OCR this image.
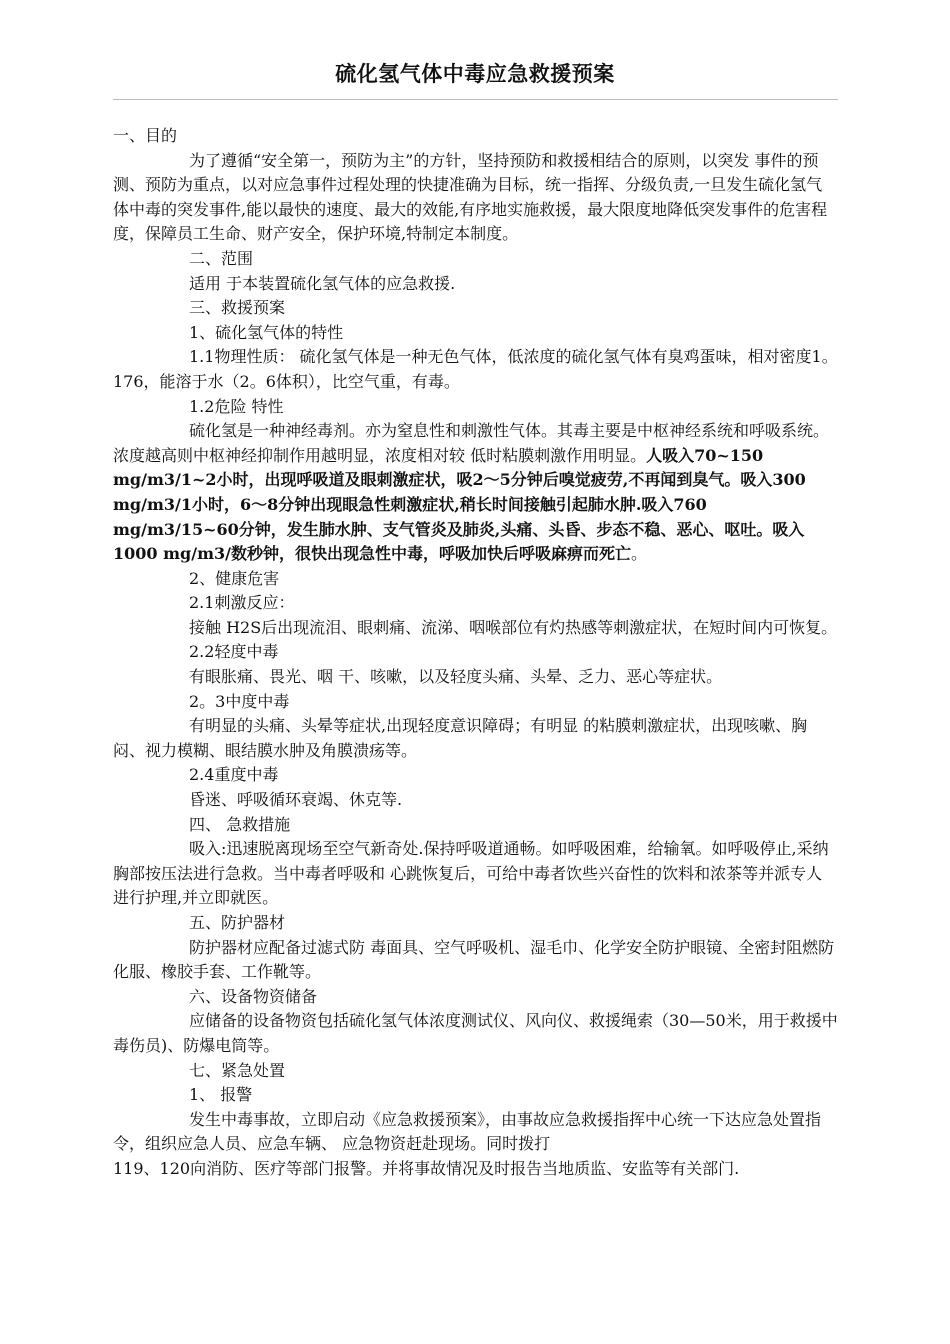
硫化氢气体中毒应急救援预案

一、目的

为了遵循“安全第一，预防为主”的方针，坚持预防和救援相结合的原则，以突发 事件的预测、预防为重点，以对应急事件过程处理的快捷准确为目标，统一指挥、分级负责,一旦发生硫化氢气体中毒的突发事件,能以最快的速度、最大的效能,有序地实施救援，最大限度地降低突发事件的危害程度，保障员工生命、财产安全，保护环境,特制定本制度。

二、范围

适用 于本装置硫化氢气体的应急救援.

三、救援预案

1、硫化氢气体的特性

1.1物理性质： 硫化氢气体是一种无色气体，低浓度的硫化氢气体有臭鸡蛋味，相对密度1。176，能溶于水（2。6体积），比空气重，有毒。

1.2危险 特性

硫化氢是一种神经毒剂。亦为窒息性和刺激性气体。其毒主要是中枢神经系统和呼吸系统。浓度越高则中枢神经抑制作用越明显，浓度相对较 低时粘膜刺激作用明显。人吸入70~150 mg/m3/1~2小时，出现呼吸道及眼刺激症状，吸2～5分钟后嗅觉疲劳,不再闻到臭气。吸入300 mg/m3/1小时，6～8分钟出现眼急性刺激症状,稍长时间接触引起肺水肿.吸入760 mg/m3/15~60分钟，发生肺水肿、支气管炎及肺炎,头痛、头昏、步态不稳、恶心、呕吐。吸入1000 mg/m3/数秒钟，很快出现急性中毒，呼吸加快后呼吸麻痹而死亡。

2、健康危害

2.1刺激反应：

接触 H2S后出现流泪、眼刺痛、流涕、咽喉部位有灼热感等刺激症状，在短时间内可恢复。

2.2轻度中毒

有眼胀痛、畏光、咽 干、咳嗽，以及轻度头痛、头晕、乏力、恶心等症状。

2。3中度中毒

有明显的头痛、头晕等症状,出现轻度意识障碍；有明显 的粘膜刺激症状，出现咳嗽、胸闷、视力模糊、眼结膜水肿及角膜溃疡等。

2.4重度中毒

昏迷、呼吸循环衰竭、休克等.

四、 急救措施

吸入:迅速脱离现场至空气新奇处.保持呼吸道通畅。如呼吸困难，给输氧。如呼吸停止,采纳胸部按压法进行急救。当中毒者呼吸和 心跳恢复后，可给中毒者饮些兴奋性的饮料和浓茶等并派专人进行护理,并立即就医。

五、防护器材

防护器材应配备过滤式防 毒面具、空气呼吸机、湿毛巾、化学安全防护眼镜、全密封阻燃防化服、橡胶手套、工作靴等。

六、设备物资储备

应储备的设备物资包括硫化氢气体浓度测试仪、风向仪、救援绳索（30—50米，用于救援中毒伤员)、防爆电筒等。

七、紧急处置

1、 报警

发生中毒事故，立即启动《应急救援预案》，由事故应急救援指挥中心统一下达应急处置指令，组织应急人员、应急车辆、 应急物资赶赴现场。同时拨打

119、120向消防、医疗等部门报警。并将事故情况及时报告当地质监、安监等有关部门.
